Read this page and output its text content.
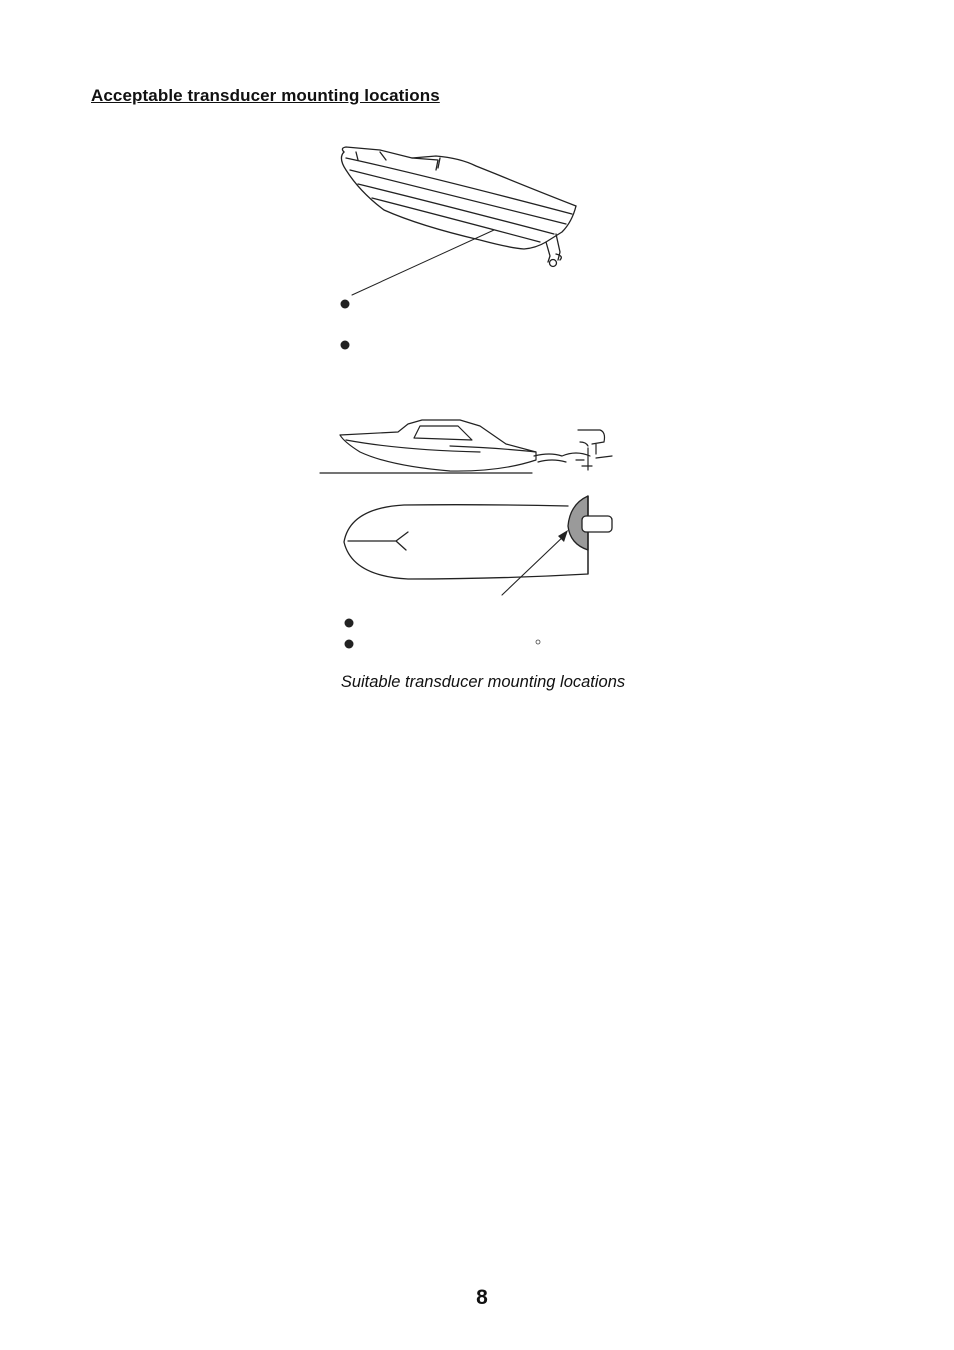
Acceptable transducer mounting locations

Suitable transducer mounting locations

8
